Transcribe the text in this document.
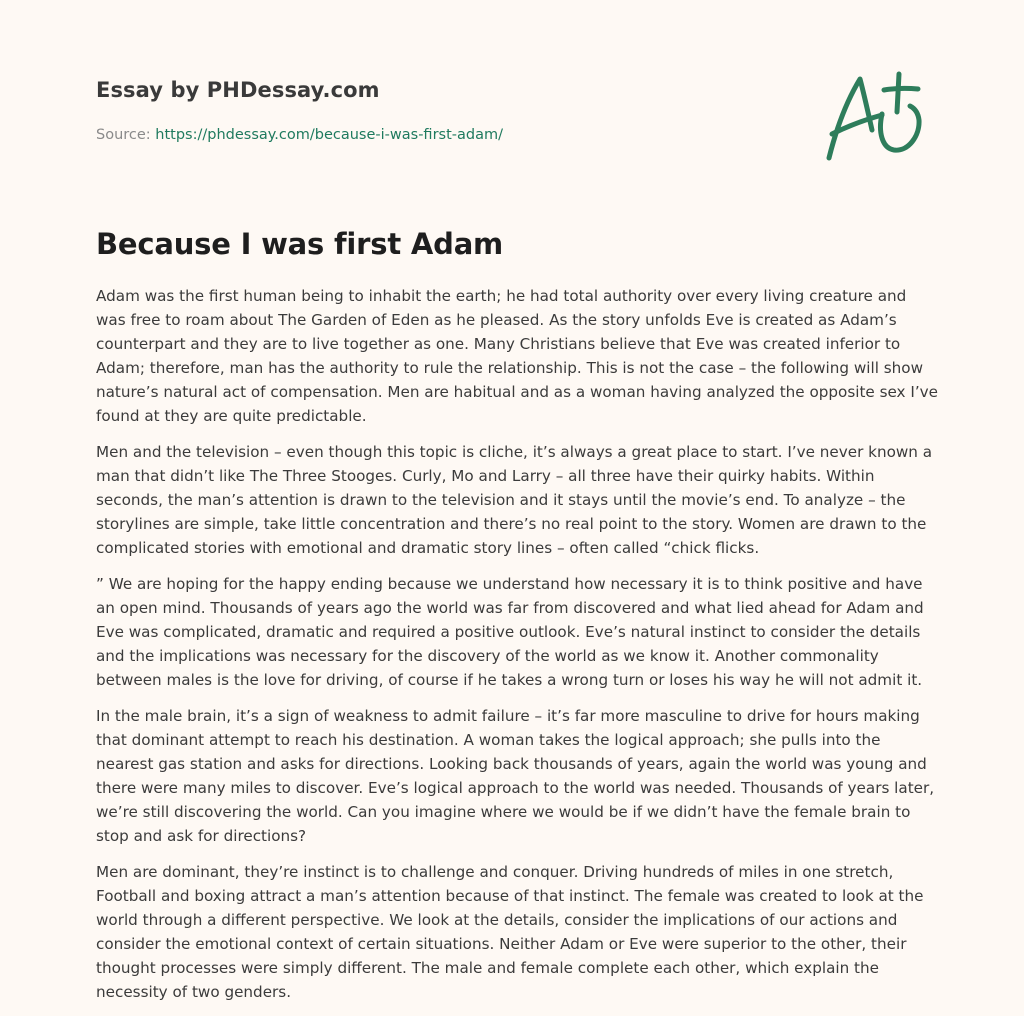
Essay by PHDessay.com
Source: https://phdessay.com/because-i-was-first-adam/
Because I was first Adam

Adam was the first human being to inhabit the earth; he had total authority over every living creature and was free to roam about The Garden of Eden as he pleased. As the story unfolds Eve is created as Adam’s counterpart and they are to live together as one. Many Christians believe that Eve was created inferior to Adam; therefore, man has the authority to rule the relationship. This is not the case – the following will show nature’s natural act of compensation. Men are habitual and as a woman having analyzed the opposite sex I’ve found at they are quite predictable.

Men and the television – even though this topic is cliche, it’s always a great place to start. I’ve never known a man that didn’t like The Three Stooges. Curly, Mo and Larry – all three have their quirky habits. Within seconds, the man’s attention is drawn to the television and it stays until the movie’s end. To analyze – the storylines are simple, take little concentration and there’s no real point to the story. Women are drawn to the complicated stories with emotional and dramatic story lines – often called “chick flicks.

” We are hoping for the happy ending because we understand how necessary it is to think positive and have an open mind. Thousands of years ago the world was far from discovered and what lied ahead for Adam and Eve was complicated, dramatic and required a positive outlook. Eve’s natural instinct to consider the details and the implications was necessary for the discovery of the world as we know it. Another commonality between males is the love for driving, of course if he takes a wrong turn or loses his way he will not admit it.

In the male brain, it’s a sign of weakness to admit failure – it’s far more masculine to drive for hours making that dominant attempt to reach his destination. A woman takes the logical approach; she pulls into the nearest gas station and asks for directions. Looking back thousands of years, again the world was young and there were many miles to discover. Eve’s logical approach to the world was needed. Thousands of years later, we’re still discovering the world. Can you imagine where we would be if we didn’t have the female brain to stop and ask for directions?

Men are dominant, they’re instinct is to challenge and conquer. Driving hundreds of miles in one stretch, Football and boxing attract a man’s attention because of that instinct. The female was created to look at the world through a different perspective. We look at the details, consider the implications of our actions and consider the emotional context of certain situations. Neither Adam or Eve were superior to the other, their thought processes were simply different. The male and female complete each other, which explain the necessity of two genders.
